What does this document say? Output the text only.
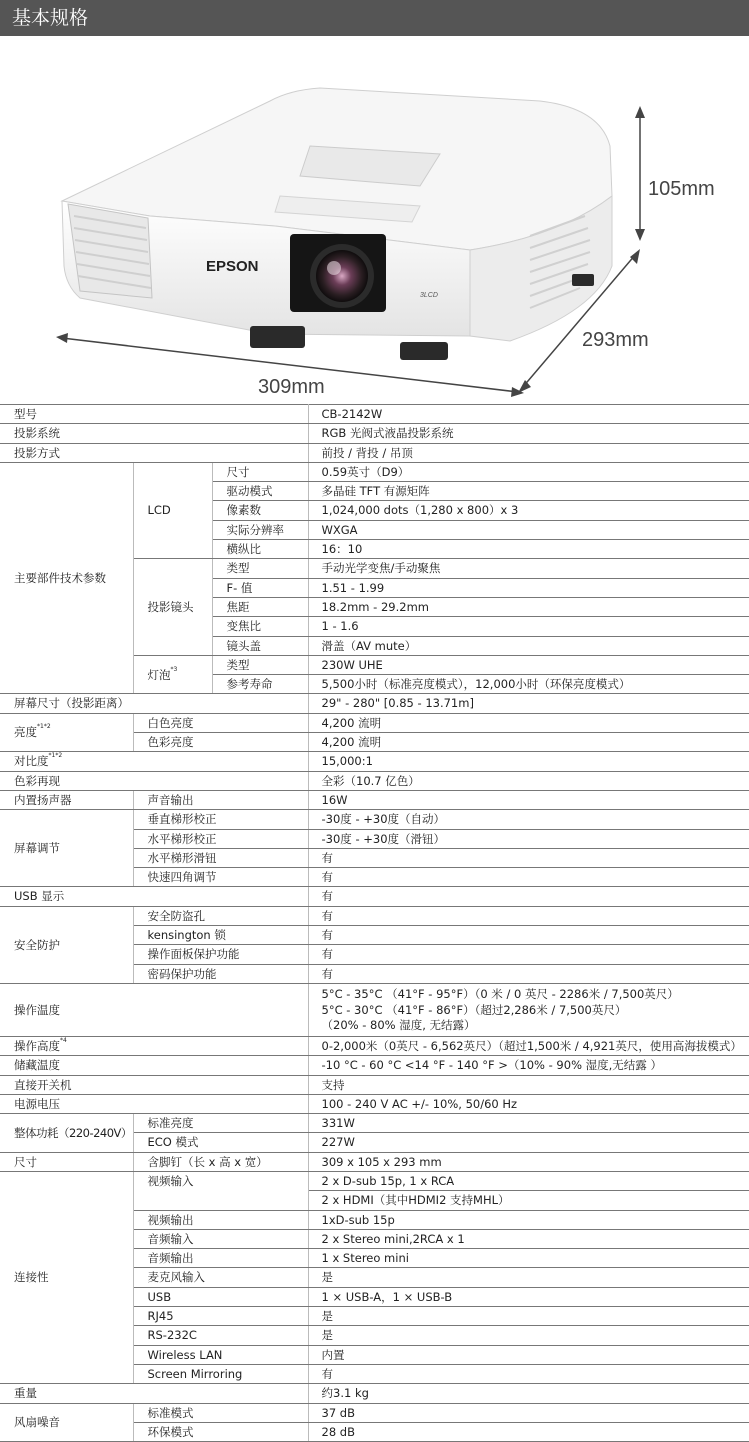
基本规格
EPSON
3LCD
105mm
293mm
309mm
型号			CB-2142W
投影系统			RGB 光阀式液晶投影系统
投影方式			前投 / 背投 / 吊顶
主要部件技术参数	LCD	尺寸	0.59英寸（D9）
		驱动模式	多晶硅 TFT 有源矩阵
		像素数	1,024,000 dots（1,280 x 800）x 3
		实际分辨率	WXGA
		横纵比	16：10
	投影镜头	类型	手动光学变焦/手动聚焦
		F- 值	1.51 - 1.99
		焦距	18.2mm - 29.2mm
		变焦比	1 - 1.6
		镜头盖	滑盖（AV mute）
	灯泡$^{*3}$	类型	230W UHE
		参考寿命	5,500小时（标准亮度模式），12,000小时（环保亮度模式）
屏幕尺寸（投影距离）			29" - 280" [0.85 - 13.71m]
亮度$^{*1*2}$	白色亮度		4,200 流明
	色彩亮度		4,200 流明
对比度$^{*1*2}$			15,000:1
色彩再现			全彩（10.7 亿色）
内置扬声器	声音输出		16W
屏幕调节	垂直梯形校正		-30度 - +30度（自动）
	水平梯形校正		-30度 - +30度（滑钮）
	水平梯形滑钮		有
	快速四角调节		有
USB 显示			有
安全防护	安全防盗孔		有
	kensington 锁		有
	操作面板保护功能		有
	密码保护功能		有
操作温度			5°C - 35°C （41°F - 95°F）（0 米 / 0 英尺 - 2286米 / 7,500英尺）
5°C - 30°C （41°F - 86°F）（超过2,286米 / 7,500英尺）
（20% - 80% 湿度, 无结露）

操作高度$^{*4}$			0-2,000米（0英尺 - 6,562英尺）（超过1,500米 / 4,921英尺，使用高海拔模式）
储藏温度			-10 °C - 60 °C <14 °F - 140 °F >（10% - 90% 湿度,无结露 ）
直接开关机			支持
电源电压			100 - 240 V AC +/- 10%, 50/60 Hz
整体功耗（220-240V）	标准亮度		331W
	ECO 模式		227W
尺寸	含脚钉（长 x 高 x 宽）		309 x 105 x 293 mm
连接性	视频输入		2 x D-sub 15p, 1 x RCA
			2 x HDMI（其中HDMI2 支持MHL）
	视频输出		1xD-sub 15p
	音频输入		2 x Stereo mini,2RCA x 1
	音频输出		1 x Stereo mini
	麦克风输入		是
	USB		1 × USB-A，1 × USB-B
	RJ45		是
	RS-232C		是
	Wireless LAN		内置
	Screen Mirroring		有
重量			约3.1 kg
风扇噪音	标准模式		37 dB
	环保模式		28 dB
